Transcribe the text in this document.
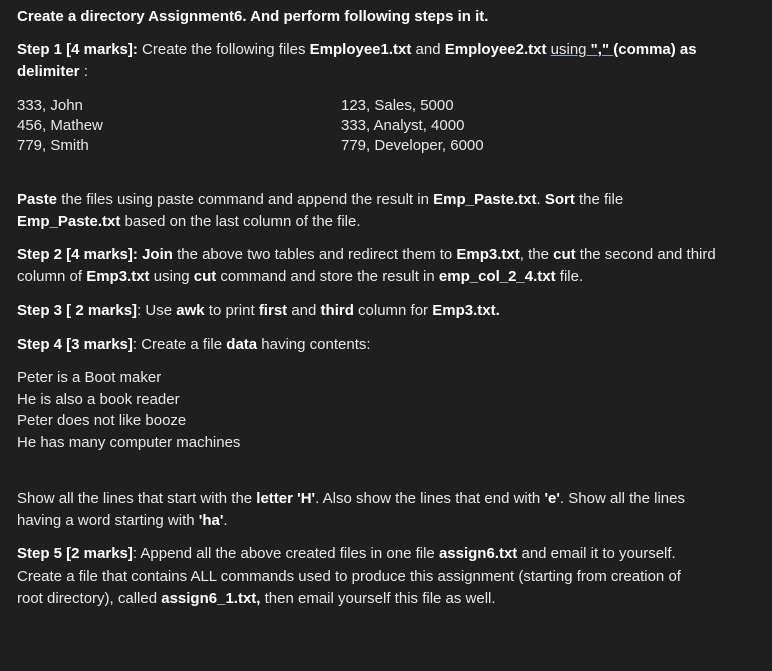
Create a directory Assignment6. And perform following steps in it.
Step 1 [4 marks]: Create the following files Employee1.txt and Employee2.txt using "," (comma) as
delimiter :
333, John
456, Mathew
779, Smith
123, Sales, 5000
333, Analyst, 4000
779, Developer, 6000
Paste the files using paste command and append the result in Emp_Paste.txt. Sort the file
Emp_Paste.txt based on the last column of the file.
Step 2 [4 marks]: Join the above two tables and redirect them to Emp3.txt, the cut the second and third
column of Emp3.txt using cut command and store the result in emp_col_2_4.txt file.
Step 3 [ 2 marks]: Use awk to print first and third column for Emp3.txt.
Step 4 [3 marks]: Create a file data having contents:
Peter is a Boot maker
He is also a book reader
Peter does not like booze
He has many computer machines
Show all the lines that start with the letter 'H'. Also show the lines that end with 'e'. Show all the lines
having a word starting with 'ha'.
Step 5 [2 marks]: Append all the above created files in one file assign6.txt and email it to yourself.
Create a file that contains ALL commands used to produce this assignment (starting from creation of
root directory), called assign6_1.txt, then email yourself this file as well.
